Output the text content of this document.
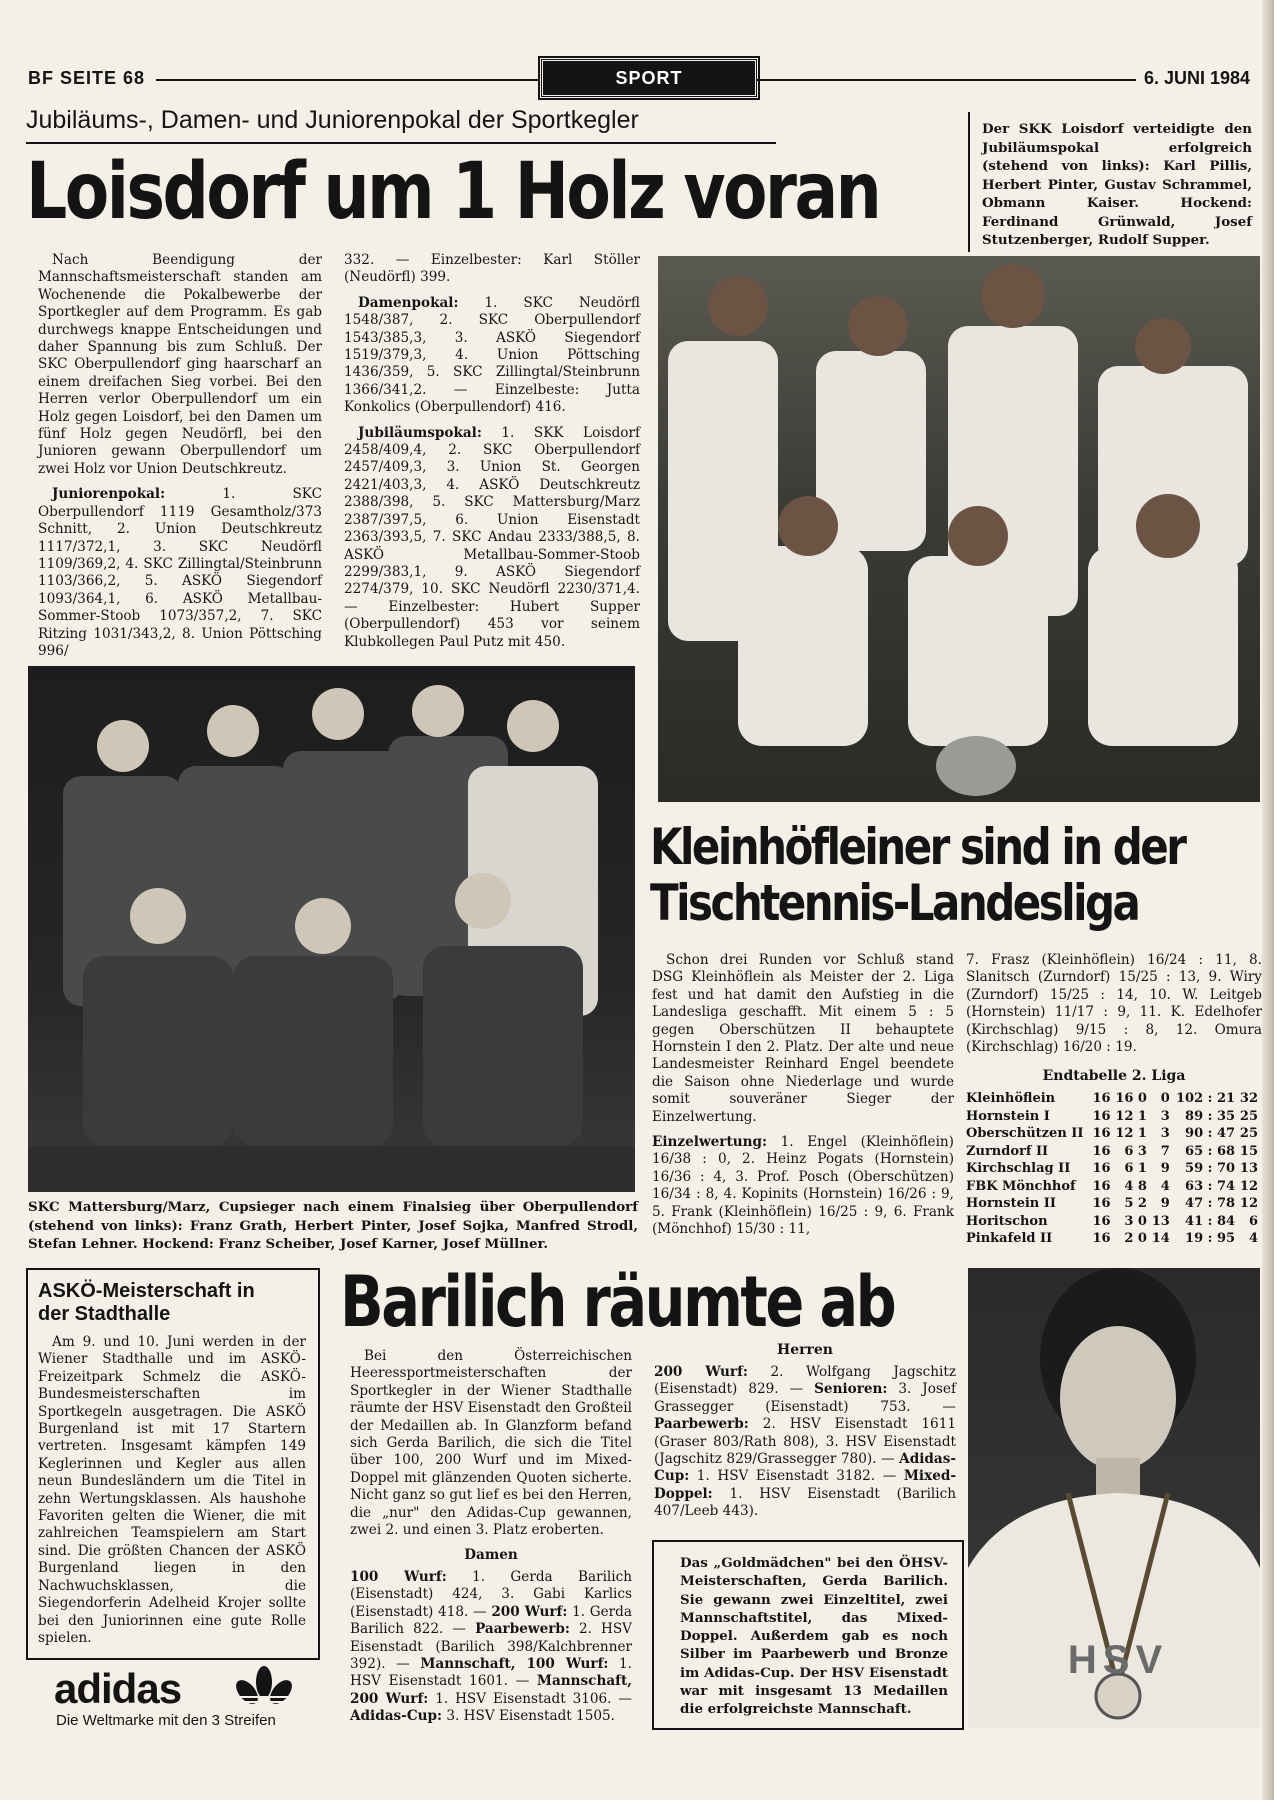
BF SEITE 68	SPORT	6. JUNI 1984
Jubiläums-, Damen- und Juniorenpokal der Sportkegler
Loisdorf um 1 Holz voran
Der SKK Loisdorf verteidigte den Jubiläumspokal erfolgreich (stehend von links): Karl Pillis, Herbert Pinter, Gustav Schrammel, Obmann Kaiser. Hockend: Ferdinand Grünwald, Josef Stutzenberger, Rudolf Supper.

Nach Beendigung der Mannschaftsmeisterschaft standen am Wochenende die Pokalbewerbe der Sportkegler auf dem Programm. Es gab durchwegs knappe Entscheidungen und daher Spannung bis zum Schluß. Der SKC Oberpullendorf ging haarscharf an einem dreifachen Sieg vorbei. Bei den Herren verlor Oberpullendorf um ein Holz gegen Loisdorf, bei den Damen um fünf Holz gegen Neudörfl, bei den Junioren gewann Oberpullendorf um zwei Holz vor Union Deutschkreutz.

Juniorenpokal: 1. SKC Oberpullendorf 1119 Gesamtholz/373 Schnitt, 2. Union Deutschkreutz 1117/372,1, 3. SKC Neudörfl 1109/369,2, 4. SKC Zillingtal/Steinbrunn 1103/366,2, 5. ASKÖ Siegendorf 1093/364,1, 6. ASKÖ Metallbau-Sommer-Stoob 1073/357,2, 7. SKC Ritzing 1031/343,2, 8. Union Pöttsching 996/

332. — Einzelbester: Karl Stöller (Neudörfl) 399.

Damenpokal: 1. SKC Neudörfl 1548/387, 2. SKC Oberpullendorf 1543/385,3, 3. ASKÖ Siegendorf 1519/379,3, 4. Union Pöttsching 1436/359, 5. SKC Zillingtal/Steinbrunn 1366/341,2. — Einzelbeste: Jutta Konkolics (Oberpullendorf) 416.

Jubiläumspokal: 1. SKK Loisdorf 2458/409,4, 2. SKC Oberpullendorf 2457/409,3, 3. Union St. Georgen 2421/403,3, 4. ASKÖ Deutschkreutz 2388/398, 5. SKC Mattersburg/Marz 2387/397,5, 6. Union Eisenstadt 2363/393,5, 7. SKC Andau 2333/388,5, 8. ASKÖ Metallbau-Sommer-Stoob 2299/383,1, 9. ASKÖ Siegendorf 2274/379, 10. SKC Neudörfl 2230/371,4. — Einzelbester: Hubert Supper (Oberpullendorf) 453 vor seinem Klubkollegen Paul Putz mit 450.

SKC Mattersburg/Marz, Cupsieger nach einem Finalsieg über Oberpullendorf (stehend von links): Franz Grath, Herbert Pinter, Josef Sojka, Manfred Strodl, Stefan Lehner. Hockend: Franz Scheiber, Josef Karner, Josef Müllner.
Kleinhöfleiner sind in der
Tischtennis-Landesliga

Schon drei Runden vor Schluß stand DSG Kleinhöflein als Meister der 2. Liga fest und hat damit den Aufstieg in die Landesliga geschafft. Mit einem 5 : 5 gegen Oberschützen II behauptete Hornstein I den 2. Platz. Der alte und neue Landesmeister Reinhard Engel beendete die Saison ohne Niederlage und wurde somit souveräner Sieger der Einzelwertung.

Einzelwertung: 1. Engel (Kleinhöflein) 16/38 : 0, 2. Heinz Pogats (Hornstein) 16/36 : 4, 3. Prof. Posch (Oberschützen) 16/34 : 8, 4. Kopinits (Hornstein) 16/26 : 9, 5. Frank (Kleinhöflein) 16/25 : 9, 6. Frank (Mönchhof) 15/30 : 11,

7. Frasz (Kleinhöflein) 16/24 : 11, 8. Slanitsch (Zurndorf) 15/25 : 13, 9. Wiry (Zurndorf) 15/25 : 14, 10. W. Leitgeb (Hornstein) 11/17 : 9, 11. K. Edelhofer (Kirchschlag) 9/15 : 8, 12. Omura (Kirchschlag) 16/20 : 19.

Endtabelle 2. Liga
Kleinhöflein	16	16	0	0	102 : 21	32
Hornstein I	16	12	1	3	89 : 35	25
Oberschützen II	16	12	1	3	90 : 47	25
Zurndorf II	16	6	3	7	65 : 68	15
Kirchschlag II	16	6	1	9	59 : 70	13
FBK Mönchhof	16	4	8	4	63 : 74	12
Hornstein II	16	5	2	9	47 : 78	12
Horitschon	16	3	0	13	41 : 84	6
Pinkafeld II	16	2	0	14	19 : 95	4
ASKÖ-Meisterschaft in der Stadthalle

Am 9. und 10. Juni werden in der Wiener Stadthalle und im ASKÖ-Freizeitpark Schmelz die ASKÖ-Bundesmeisterschaften im Sportkegeln ausgetragen. Die ASKÖ Burgenland ist mit 17 Startern vertreten. Insgesamt kämpfen 149 Keglerinnen und Kegler aus allen neun Bundesländern um die Titel in zehn Wertungsklassen. Als haushohe Favoriten gelten die Wiener, die mit zahlreichen Teamspielern am Start sind. Die größten Chancen der ASKÖ Burgenland liegen in den Nachwuchsklassen, die Siegendorferin Adelheid Krojer sollte bei den Juniorinnen eine gute Rolle spielen.

adidas
Die Weltmarke mit den 3 Streifen
Barilich räumte ab

Bei den Österreichischen Heeressportmeisterschaften der Sportkegler in der Wiener Stadthalle räumte der HSV Eisenstadt den Großteil der Medaillen ab. In Glanzform befand sich Gerda Barilich, die sich die Titel über 100, 200 Wurf und im Mixed-Doppel mit glänzenden Quoten sicherte. Nicht ganz so gut lief es bei den Herren, die „nur" den Adidas-Cup gewannen, zwei 2. und einen 3. Platz eroberten.

Damen

100 Wurf: 1. Gerda Barilich (Eisenstadt) 424, 3. Gabi Karlics (Eisenstadt) 418. — 200 Wurf: 1. Gerda Barilich 822. — Paarbewerb: 2. HSV Eisenstadt (Barilich 398/Kalchbrenner 392). — Mannschaft, 100 Wurf: 1. HSV Eisenstadt 1601. — Mannschaft, 200 Wurf: 1. HSV Eisenstadt 3106. — Adidas-Cup: 3. HSV Eisenstadt 1505.

Herren

200 Wurf: 2. Wolfgang Jagschitz (Eisenstadt) 829. — Senioren: 3. Josef Grassegger (Eisenstadt) 753. — Paarbewerb: 2. HSV Eisenstadt 1611 (Graser 803/Rath 808), 3. HSV Eisenstadt (Jagschitz 829/Grassegger 780). — Adidas-Cup: 1. HSV Eisenstadt 3182. — Mixed-Doppel: 1. HSV Eisenstadt (Barilich 407/Leeb 443).

Das „Goldmädchen" bei den ÖHSV-Meisterschaften, Gerda Barilich. Sie gewann zwei Einzeltitel, zwei Mannschaftstitel, das Mixed-Doppel. Außerdem gab es noch Silber im Paarbewerb und Bronze im Adidas-Cup. Der HSV Eisenstadt war mit insgesamt 13 Medaillen die erfolgreichste Mannschaft.
HSV
